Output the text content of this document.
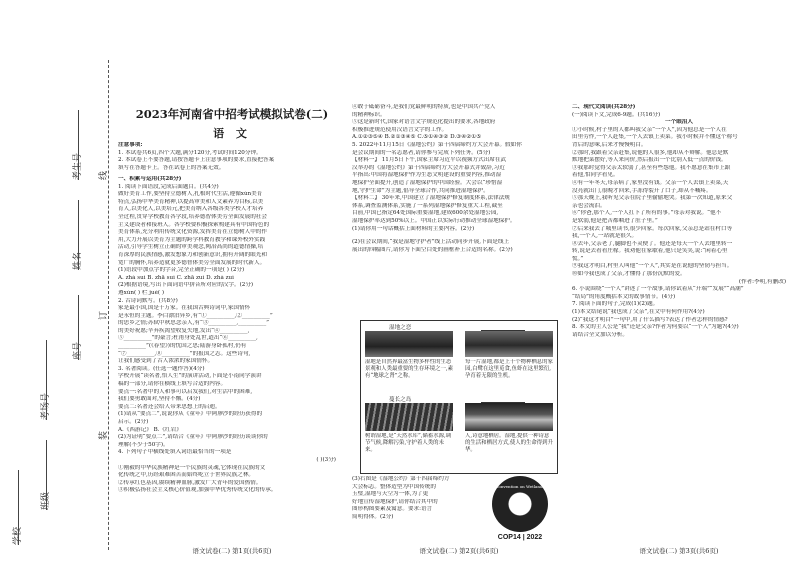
线
订
装
考生号
姓名
座号
考场号
班级
学校
2023年河南省中招考试模拟试卷(二)
语 文
注意事项:
1. 本试卷共6页,四个大题,满分120分,考试时间120分钟。
2. 本试卷上不要答题,请按答题卡上注意事项的要求,直接把答案
填写在答题卡上。答在试卷上的答案无效。
一、积累与运用(共28分)
1. 阅读下面语段,完成后面题目。(共4分)
做好美育工作,要坚持立德树人,扎根时代生活,遵循xún美育
特点,弘扬中华美育精神,以提高审美和人文素养为目标,以美
育人,以美化人,以美培元,把美育纳入各级各类学校人才培养
全过程,贯穿学校教育各学段,培养德智体美劳全面发展的社会
主义建设者和接班人。各学校要积极探索构建具有中国特色的
美育体系,充分利用传统文化资源,发挥美育在立德树人中的作
用,大力开展以美育为主题的跨学科教育教学和课外校外实践
活动,引导学生树立正确的审美观念,陶冶高尚的道德情操,培
育深厚的民族情感,激发想象力和创新意识,拥有开阔的眼光和
宽广的胸怀,培养造就更多德智体美劳全面发展的时代新人。
(1)语段中加点字的字音,完全正确的一项是( ) (2分)
A. zhà suì B. zhā suì C. zhā zuì D. zhà zuì
(2)根据语境,写出下面词语中拼音所对应的汉字。(2分)
遵xún( ) 栏 jué( )
2. 古诗词默写。(共8分)
家是最小国,国是千万家。在我国古典诗词中,家国情怀
是永恒的主题。李白漂泊异乡,有“①__________,②__________”
的思乡之情;苏轼中秋思念亲人,有“③__________,__________”
的美好祝愿;辛弃疾渴望收复失地,发出“④__________,
⑤__________”的豪言;杜甫身处乱世,道出“⑥__________,
__________”(《春望》)的忧国之思;陆游身卧孤村,仍有
“⑦__________,⑧__________”的报国之志。这些诗句,
让我们感受到了古人浓浓的家国情怀。
3. 名著阅读。(任选一题作答)(4分)
学校开展“读名著,悟人生”的演讲活动,下面是小南同学演讲
稿的一部分,请你在横线上填写合适的内容。
要点一:名著中的人和事可以启发我们,对生活中的困难,
我们要勇敢面对,坚持不懈。(4分)
要点二:名著还会给人带来思想上的启迪。
(1)请从“要点二”,说说你从《童年》中阿廖沙的经历获得的
启示。(2分)
A.《西游记》 B.《红岩》
(2)为证明“要点二”,请结合《童年》中阿廖沙的经历谈谈你的
理解(不少于50字)。
4. 下列句子中横线处填入词语最恰当的一项是
( )(3分)
①刚毅的中华民族精神是一个民族的灵魂,它体现在民族的文
化传统之中,历经艰难困苦而始终屹立于世界民族之林。
②传承红色基因,赓续精神血脉,激发广大青年的爱国热情。
③积极弘扬社会主义核心价值观,加强中华优秀传统文化的传承。
语文试卷(二) 第1页(共6页)
④敢于砥砺奋斗,是我们党最鲜明的特质,也是中国共产党人
的精神标识。
⑤这是新时代,国家对语言文字规范化提出的要求,各地政府
积极推进规范使用汉语言文字的工作。
A.①②③⑤④ B.②①③④⑤ C.⑤①④③② D.③④②①⑤
5. 2022年11月15日《湿地公约》第十四届缔约方大会开幕。假如你
是会议期间的一名志愿者,请你参与完成下列任务。(5分)
【材料一】 11月5日下午,国家主席习近平以视频方式出席在武
汉举办的《湿地公约》第十四届缔约方大会开幕式并致辞,习近
平指出:中国将湿地保护作为生态文明建设的重要内容,推动湿
地保护全面提升,创造了湿地保护的中国经验。大会以“珍惜湿
地,守护生命”为主题,倡导全球合作,共同推进湿地保护。
【材料二】 30年来,中国建立了湿地保护修复制度体系,法律法规
体系,调查监测体系,实施了一系列湿地保护修复重大工程,截至
目前,中国已指定64处国际重要湿地,建成600余处湿地公园,
湿地保护率达到50%以上。中国正以实际行动推动全球湿地保护。
(1)请你用一句话概括上面材料的主要内容。(2分)
(2)在会议期间,“我是湿地守护者”线上活动同步开展,下面是线上
展出的四幅图片,请你为下面空白处的画框补上合适的名称。(2分)
湿地之恋
湿地是自然界最富生物多样性的生态景观和人类最重要的生存环境之一,素有“地球之肾”之称。
每一片湿地,都是上千个物种栖息的家园,白鹭在这里觅食,鱼虾在这里繁衍,孕育着无限的生机。
蔓长之岛
树谓湿地,是“天然水库”,储蓄水源,调节气候,降解污染,守护着人类的未来。
人,诗意地栖居。湿地,提供一种诗意的生活和栖居方式,使人的生命得到升华。
(3)右图是《湿地公约》第十四届缔约方
大会标志。整体造型为中国传统的
玉璧,湿地与天空为一体,为了更
好地宣传湿地保护,请你结合其中的
图形构图要素及寓意。要求:语言
简明得体。(2分)
Convention on Wetlands
COP14 | 2022
语文试卷(二) 第2页(共6页)
二、现代文阅读(共28分)
(一)阅读下文,完成6-9题。(共16分)
一个眼泪人
①小时候,村子里的人都叫我父亲“一个人”,因为他总是一个人在
田里劳作,一个人赶集,一个人去镇上卖菜。我小时候并不懂这个称号
背后的意味,后来才慢慢明白。
②那时,我跟着父亲赶集,说他的人很多,他却从不辩解。他总是默
默地把菜摆好,等人来问价,然后报出一个比别人低一点的价钱。
③我那时觉得父亲太软弱了,甚至有些怨他。我不愿意在集市上跟
着他,怕同学看见。
④有一年冬天,母亲病了,家里没有钱。父亲一个人去镇上卖菜,天
没亮就出门,很晚才回来,手冻得裂开了口子,却从不喊疼。
⑤那天晚上,我听见父亲在院子里偷偷地哭。我第一次知道,原来父
亲也会流泪。
⑥“你爸,那个人,一个人扛下了所有的事。”母亲对我说。“他不
是软弱,他是把苦都咽进了肚子里。”
⑦后来我去了城里读书,很少回家。每次回家,父亲总是站在村口等
我,一个人,一站就是很久。
⑧去年,父亲老了,腿脚也不灵便了。他还是每天一个人去地里转一
转,说是去看看庄稼。我劝他在家歇着,他只是笑笑,说:“闲着心里
慌。”
⑨我这才明白,村里人叫他“一个人”,其实是在说他的坚韧与担当。
⑩如今我也成了父亲,才懂得了那份沉默的爱。
(作者:李明,有删改)
6. 小说围绕“一个人”讲述了一个故事,请你试着从“开端”“发展”“高潮”
“结局”的角度概括本文的故事情节。(4分)
7. 阅读下面的句子,完成(1)(2)题。
(1)本文结尾说“我也成了父亲”,在文中有何作用?(4分)
(2)“我这才明白”一句中,用了什么描写?表达了作者怎样的情感?
8. 本文的主人公是“我”还是父亲?作者为何要以“一个人”为题?(4分)
请结合全文加以分析。
语文试卷(二) 第3页(共6页)
